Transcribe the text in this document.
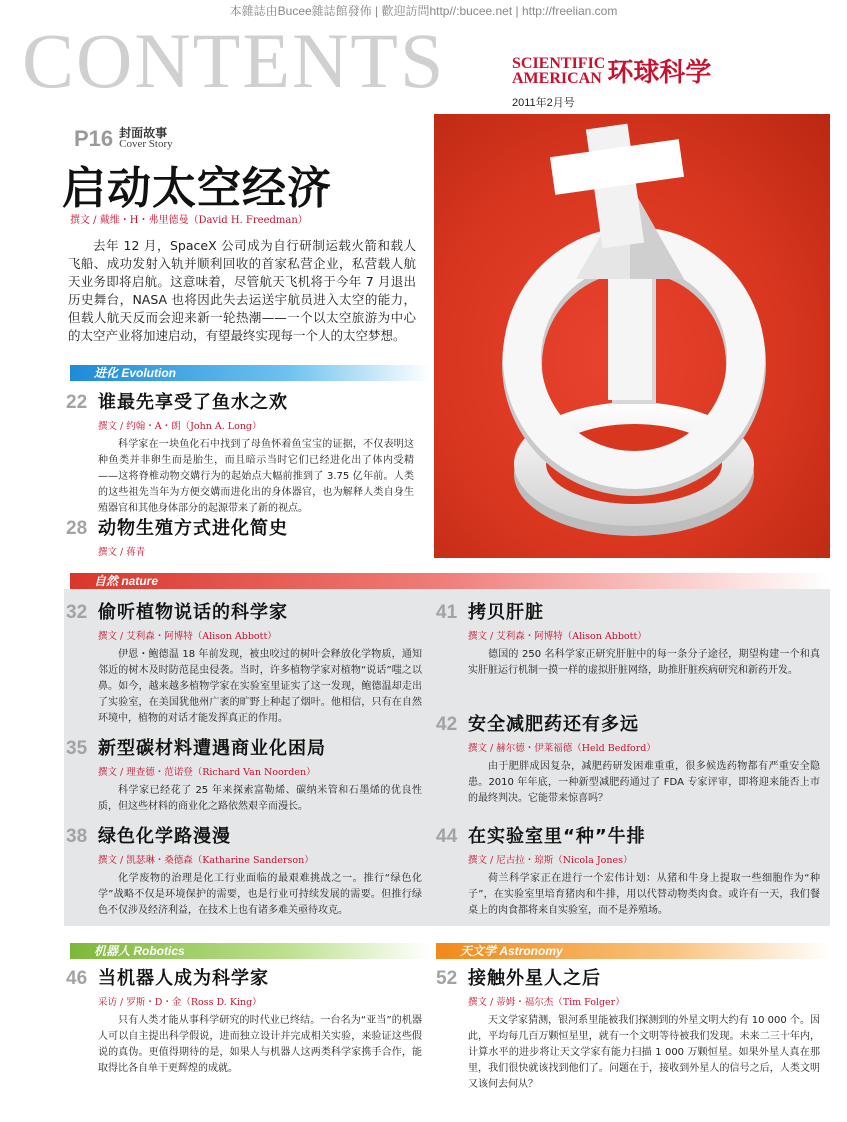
本雜誌由Bucee雜誌館發佈 | 歡迎訪問http//:bucee.net | http://freelian.com
CONTENTS	SCIENTIFIC
AMERICAN 环球科学
2011年2月号
P16 封面故事
Cover Story
启动太空经济
撰文 / 戴维・H・弗里德曼（David H. Freedman）
去年 12 月，SpaceX 公司成为自行研制运载火箭和载人飞船、成功发射入轨并顺利回收的首家私营企业，私营载人航天业务即将启航。这意味着，尽管航天飞机将于今年 7 月退出历史舞台，NASA 也将因此失去运送宇航员进入太空的能力，但载人航天反而会迎来新一轮热潮——一个以太空旅游为中心的太空产业将加速启动，有望最终实现每一个人的太空梦想。
进化 Evolution
22 谁最先享受了鱼水之欢
撰文 / 约翰・A・朗（John A. Long）
科学家在一块鱼化石中找到了母鱼怀着鱼宝宝的证据，不仅表明这种鱼类并非卵生而是胎生，而且暗示当时它们已经进化出了体内受精——这将脊椎动物交媾行为的起始点大幅前推到了 3.75 亿年前。人类的这些祖先当年为方便交媾而进化出的身体器官，也为解释人类自身生殖器官和其他身体部分的起源带来了新的视点。
28 动物生殖方式进化简史
撰文 / 蒋青
自然 nature
32 偷听植物说话的科学家
撰文 / 艾利森・阿博特（Alison Abbott）
伊恩・鲍德温 18 年前发现，被虫咬过的树叶会释放化学物质，通知邻近的树木及时防范昆虫侵袭。当时，许多植物学家对植物“说话”嗤之以鼻。如今，越来越多植物学家在实验室里证实了这一发现，鲍德温却走出了实验室，在美国犹他州广袤的旷野上种起了烟叶。他相信，只有在自然环境中，植物的对话才能发挥真正的作用。
35 新型碳材料遭遇商业化困局
撰文 / 理查德・范诺登（Richard Van Noorden）
科学家已经花了 25 年来探索富勒烯、碳纳米管和石墨烯的优良性质，但这些材料的商业化之路依然艰辛而漫长。
38 绿色化学路漫漫
撰文 / 凯瑟琳・桑德森（Katharine Sanderson）
化学废物的治理是化工行业面临的最艰难挑战之一。推行“绿色化学”战略不仅是环境保护的需要，也是行业可持续发展的需要。但推行绿色不仅涉及经济利益，在技术上也有诸多难关亟待攻克。
41 拷贝肝脏
撰文 / 艾利森・阿博特（Alison Abbott）
德国的 250 名科学家正研究肝脏中的每一条分子途径，期望构建一个和真实肝脏运行机制一摸一样的虚拟肝脏网络，助推肝脏疾病研究和新药开发。
42 安全减肥药还有多远
撰文 / 赫尔德・伊莱福德（Held Bedford）
由于肥胖成因复杂，减肥药研发困难重重，很多候选药物都有严重安全隐患。2010 年年底，一种新型减肥药通过了 FDA 专家评审，即将迎来能否上市的最终判决。它能带来惊喜吗？
44 在实验室里“种”牛排
撰文 / 尼古拉・琼斯（Nicola Jones）
荷兰科学家正在进行一个宏伟计划：从猪和牛身上提取一些细胞作为“种子”，在实验室里培育猪肉和牛排，用以代替动物类肉食。或许有一天，我们餐桌上的肉食都将来自实验室，而不是养殖场。
机器人 Robotics	天文学 Astronomy
46 当机器人成为科学家
采访 / 罗斯・D・金（Ross D. King）
只有人类才能从事科学研究的时代业已终结。一台名为“亚当”的机器人可以自主提出科学假说，进而独立设计并完成相关实验，来验证这些假说的真伪。更值得期待的是，如果人与机器人这两类科学家携手合作，能取得比各自单干更辉煌的成就。
52 接触外星人之后
撰文 / 蒂姆・福尔杰（Tim Folger）
天文学家猜测，银河系里能被我们探测到的外星文明大约有 10 000 个。因此，平均每几百万颗恒星里，就有一个文明等待被我们发现。未来二三十年内，计算水平的进步将让天文学家有能力扫描 1 000 万颗恒星。如果外星人真在那里，我们很快就该找到他们了。问题在于，接收到外星人的信号之后，人类文明又该何去何从？
